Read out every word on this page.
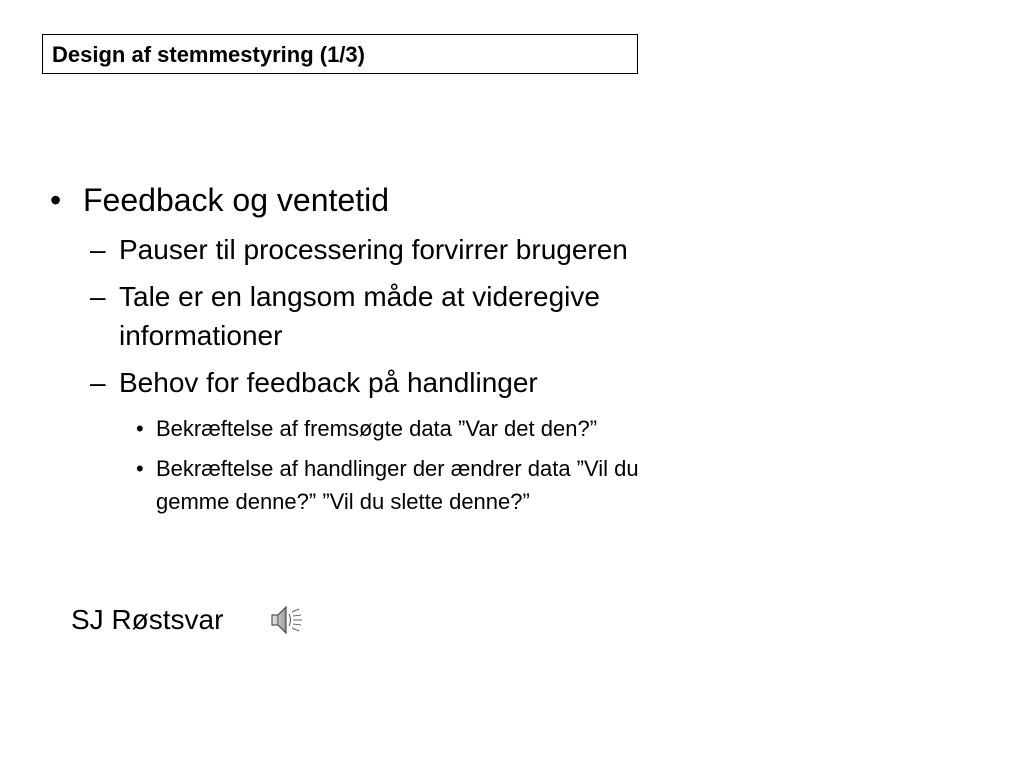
Design af stemmestyring (1/3)
• Feedback og ventetid
– Pauser til processering forvirrer brugeren
– Tale er en langsom måde at videregive
informationer
– Behov for feedback på handlinger
• Bekræftelse af fremsøgte data ”Var det den?”
• Bekræftelse af handlinger der ændrer data ”Vil du
gemme denne?” ”Vil du slette denne?”
SJ Røstsvar
